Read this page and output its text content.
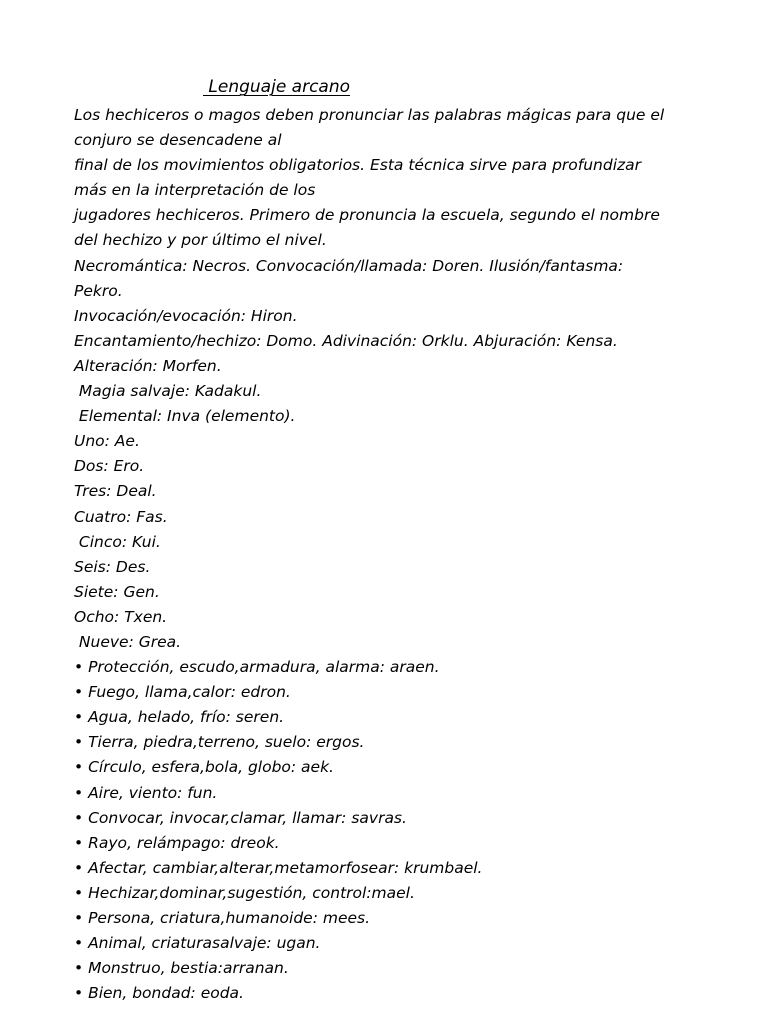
Lenguaje arcano
Los hechiceros o magos deben pronunciar las palabras mágicas para que el
conjuro se desencadene al
final de los movimientos obligatorios. Esta técnica sirve para profundizar
más en la interpretación de los
jugadores hechiceros. Primero de pronuncia la escuela, segundo el nombre
del hechizo y por último el nivel.
Necromántica: Necros. Convocación/llamada: Doren. Ilusión/fantasma:
Pekro.
Invocación/evocación: Hiron.
Encantamiento/hechizo: Domo. Adivinación: Orklu. Abjuración: Kensa.
Alteración: Morfen.
Magia salvaje: Kadakul.
Elemental: Inva (elemento).
Uno: Ae.
Dos: Ero.
Tres: Deal.
Cuatro: Fas.
Cinco: Kui.
Seis: Des.
Siete: Gen.
Ocho: Txen.
Nueve: Grea.
• Protección, escudo,armadura, alarma: araen.
• Fuego, llama,calor: edron.
• Agua, helado, frío: seren.
• Tierra, piedra,terreno, suelo: ergos.
• Círculo, esfera,bola, globo: aek.
• Aire, viento: fun.
• Convocar, invocar,clamar, llamar: savras.
• Rayo, relámpago: dreok.
• Afectar, cambiar,alterar,metamorfosear: krumbael.
• Hechizar,dominar,sugestión, control:mael.
• Persona, criatura,humanoide: mees.
• Animal, criaturasalvaje: ugan.
• Monstruo, bestia:arranan.
• Bien, bondad: eoda.
